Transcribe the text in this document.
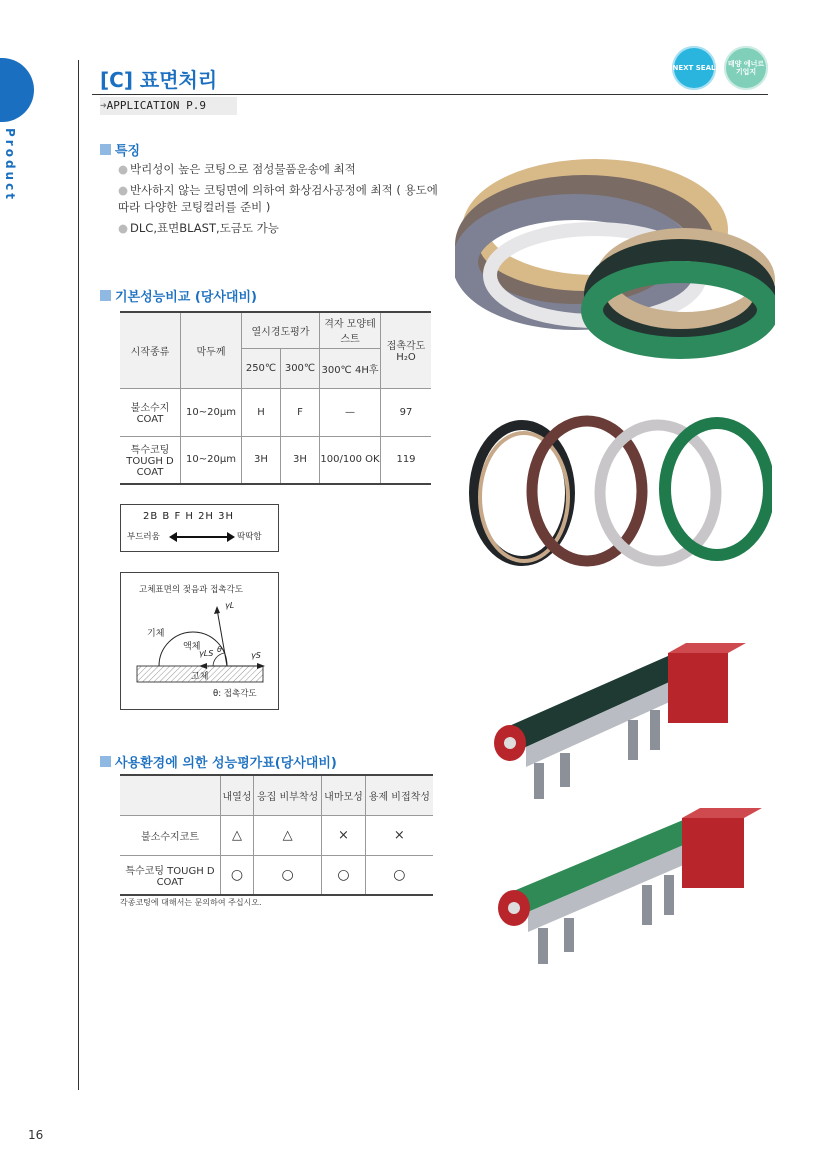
Product
[C] 표면처리	NEXT SEAL	태양 에너르 기업지
➜APPLICATION P.9
특징
● 박리성이 높은 코팅으로 점성물품운송에 최적
● 반사하지 않는 코팅면에 의하여 화상검사공정에 최적 ( 용도에따라 다양한 코팅컬러를 준비 )
● DLC,표면BLAST,도금도 가능
기본성능비교 (당사대비)
시작종류	막두께	열시경도평가		격자 모양테스트	접촉각도 H₂O
		250℃	300℃	300℃ 4H후	
불소수지 COAT	10~20μm	H	F	—	97
특수코팅 TOUGH D COAT	10~20μm	3H	3H	100/100 OK	119
2B B F H 2H 3H
부드러움	딱딱함
고체표면의 젖음과 접촉각도
기체
액체
고체
γL
γLS θ
γS
θ: 접촉각도
사용환경에 의한 성능평가표(당사대비)
	내열성	응집 비부착성	내마모성	용제 비접착성
불소수지코트	△	△	×	×
특수코팅 TOUGH D COAT	○	○	○	○
각종코팅에 대해서는 문의하여 주십시오.
16
